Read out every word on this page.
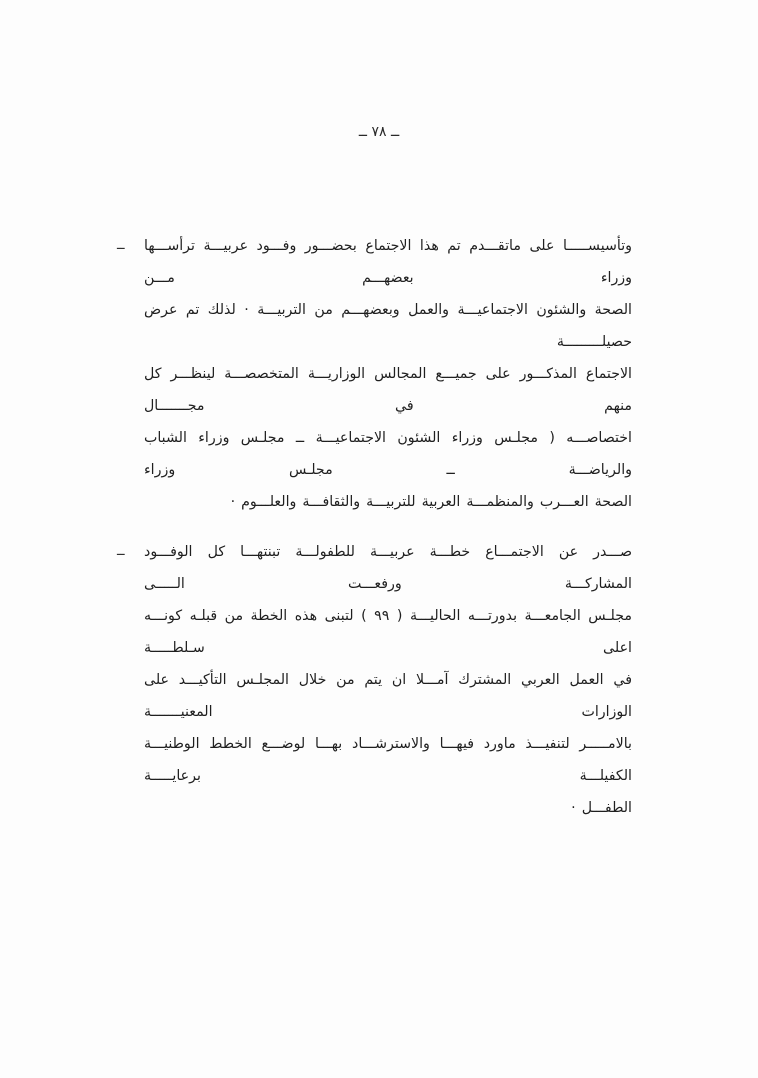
ــ ٧٨ ــ
ــ وتأسيســـــا على ماتقـــدم تم هذا الاجتماع بحضـــور وفـــود عربيـــة ترأســـها وزراء بعضهـــم مـــن
الصحة والشئون الاجتماعيـــة والعمل وبعضهـــم من التربيـــة · لذلك تم عرض حصيلـــــــــة
الاجتماع المذكـــور على جميـــع المجالس الوزاريـــة المتخصصـــة لينظـــر كل منهم في مجـــــــال
اختصاصـــه ( مجلـس وزراء الشئون الاجتماعيـــة ــ مجلـس وزراء الشباب والرياضـــة ــ مجلـس وزراء
الصحة العـــرب والمنظمـــة العربية للتربيـــة والثقافـــة والعلـــوم ·
ــ صـــدر عن الاجتمـــاع خطـــة عربيـــة للطفولـــة تبنتهـــا كل الوفـــود المشاركـــة ورفعـــت الـــــى
مجلـس الجامعـــة بدورتـــه الحاليـــة ( ٩٩ ) لتبنى هذه الخطة من قبلـه كونـــه اعلى سـلطـــــة
في العمل العربي المشترك آمـــلا ان يتم من خلال المجلـس التأكيـــد على الوزارات المعنيـــــــة
بالامـــــر لتنفيـــذ ماورد فيهـــا والاسترشـــاد بهـــا لوضـــع الخطط الوطنيـــة الكفيلـــة برعايـــــة
الطفـــل ·
